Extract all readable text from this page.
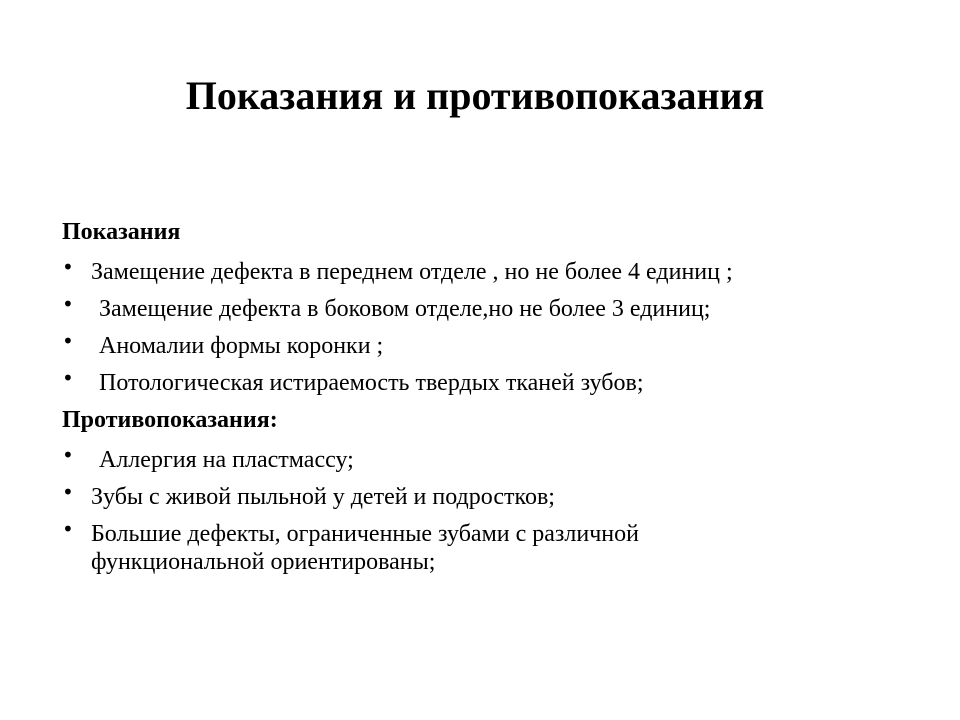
Показания и противопоказания
Показания
• Замещение дефекта в переднем отделе , но не более 4 единиц ;
• Замещение дефекта в боковом отделе,но не более 3 единиц;
• Аномалии формы коронки ;
• Потологическая истираемость твердых тканей зубов;
Противопоказания:
• Аллергия на пластмассу;
• Зубы с живой пыльной у детей и подростков;
• Большие дефекты, ограниченные зубами с различной функциональной ориентированы;
